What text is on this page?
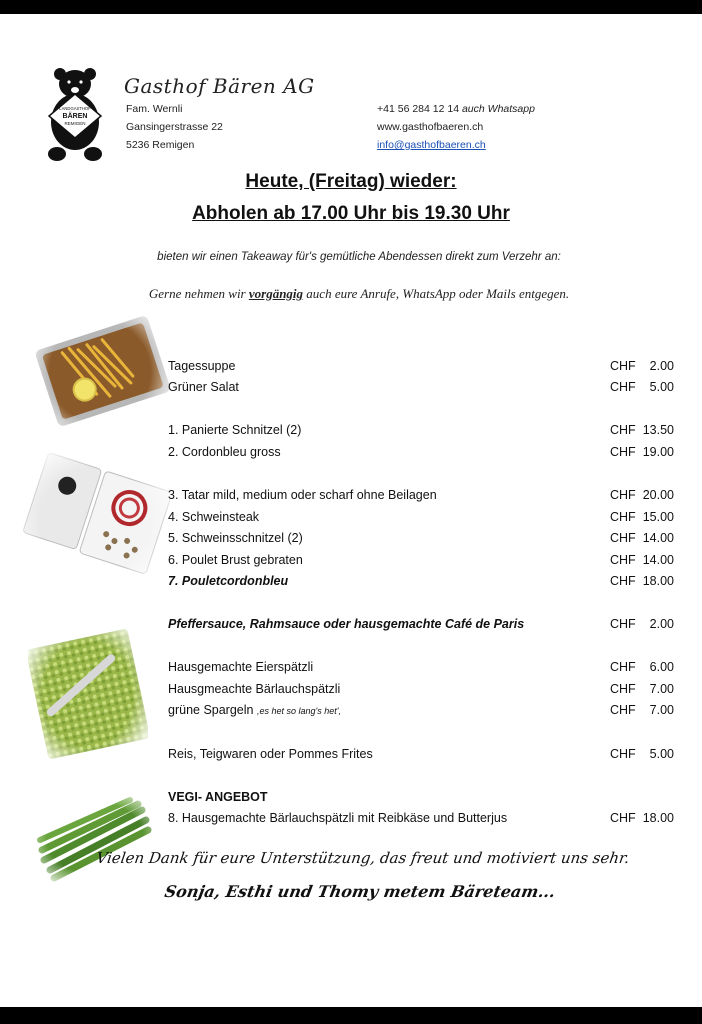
LANDGASTHOF
BÄREN
REMIGEN
Gasthof Bären AG
Fam. Wernli
Gansingerstrasse 22
5236 Remigen
+41 56 284 12 14 auch Whatsapp
www.gasthofbaeren.ch
info@gasthofbaeren.ch
Heute, (Freitag) wieder:
Abholen ab 17.00 Uhr bis 19.30 Uhr
bieten wir einen Takeaway für's gemütliche Abendessen direkt zum Verzehr an:
Gerne nehmen wir vorgängig auch eure Anrufe, WhatsApp oder Mails entgegen.
Tagessuppe	CHF 2.00
Grüner Salat	CHF 5.00
1. Panierte Schnitzel (2)	CHF 13.50
2. Cordonbleu gross	CHF 19.00
3. Tatar mild, medium oder scharf ohne Beilagen	CHF 20.00
4. Schweinsteak	CHF 15.00
5. Schweinsschnitzel (2)	CHF 14.00
6. Poulet Brust gebraten	CHF 14.00
7. Pouletcordonbleu	CHF 18.00
Pfeffersauce, Rahmsauce oder hausgemachte Café de Paris	CHF 2.00
Hausgemachte Eierspätzli	CHF 6.00
Hausgmeachte Bärlauchspätzli	CHF 7.00
grüne Spargeln ,es het so lang's het',	CHF 7.00
Reis, Teigwaren oder Pommes Frites	CHF 5.00
VEGI- ANGEBOT
8. Hausgemachte Bärlauchspätzli mit Reibkäse und Butterjus	CHF 18.00
Vielen Dank für eure Unterstützung, das freut und motiviert uns sehr.
Sonja, Esthi und Thomy metem Bäreteam...
